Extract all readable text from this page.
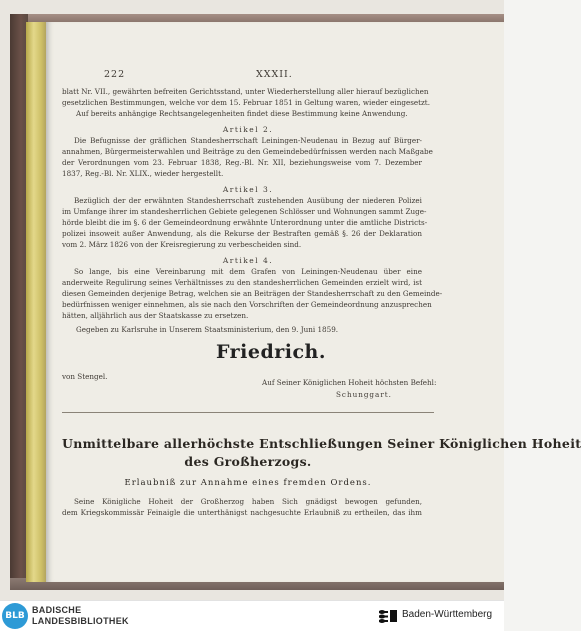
222	XXXII.
blatt Nr. VII., gewährten befreiten Gerichtsstand, unter Wiederherstellung aller hierauf bezüglichen
gesetzlichen Bestimmungen, welche vor dem 15. Februar 1851 in Geltung waren, wieder eingesetzt.
Auf bereits anhängige Rechtsangelegenheiten findet diese Bestimmung keine Anwendung.
Artikel 2.
Die Befugnisse der gräflichen Standesherrschaft Leiningen-Neudenau in Bezug auf Bürger-
annahmen, Bürgermeisterwahlen und Beiträge zu den Gemeindebedürfnissen werden nach Maßgabe
der Verordnungen vom 23. Februar 1838, Reg.-Bl. Nr. XII, beziehungsweise vom 7. Dezember
1837, Reg.-Bl. Nr. XLIX., wieder hergestellt.
Artikel 3.
Bezüglich der der erwähnten Standesherrschaft zustehenden Ausübung der niederen Polizei
im Umfange ihrer im standesherrlichen Gebiete gelegenen Schlösser und Wohnungen sammt Zuge-
hörde bleibt die im §. 6 der Gemeindeordnung erwähnte Unterordnung unter die amtliche Districts-
polizei insoweit außer Anwendung, als die Rekurse der Bestraften gemäß §. 26 der Deklaration
vom 2. März 1826 von der Kreisregierung zu verbescheiden sind.
Artikel 4.
So lange, bis eine Vereinbarung mit dem Grafen von Leiningen-Neudenau über eine
anderweite Regulirung seines Verhältnisses zu den standesherrlichen Gemeinden erzielt wird, ist
diesen Gemeinden derjenige Betrag, welchen sie an Beiträgen der Standesherrschaft zu den Gemeinde-
bedürfnissen weniger einnehmen, als sie nach den Vorschriften der Gemeindeordnung anzusprechen
hätten, alljährlich aus der Staatskasse zu ersetzen.
Gegeben zu Karlsruhe in Unserem Staatsministerium, den 9. Juni 1859.
Friedrich.
von Stengel.
Auf Seiner Königlichen Hoheit höchsten Befehl:
Schunggart.
Unmittelbare allerhöchste Entschließungen Seiner Königlichen Hoheit
des Großherzogs.
Erlaubniß zur Annahme eines fremden Ordens.
Seine Königliche Hoheit der Großherzog haben Sich gnädigst bewogen gefunden,
dem Kriegskommissär Feinaigle die unterthänigst nachgesuchte Erlaubniß zu ertheilen, das ihm
BLB
BADISCHE
LANDESBIBLIOTHEK
Baden-Württemberg
